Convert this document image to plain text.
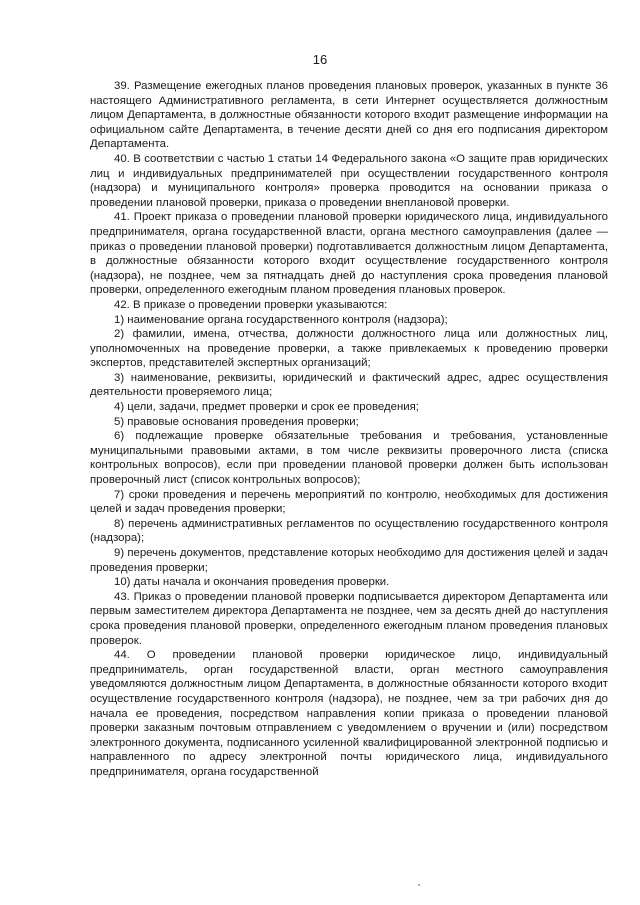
16

39. Размещение ежегодных планов проведения плановых проверок, указанных в пункте 36 настоящего Административного регламента, в сети Интернет осуществляется должностным лицом Департамента, в должностные обязанности которого входит размещение информации на официальном сайте Департамента, в течение десяти дней со дня его подписания директором Департамента.

40. В соответствии с частью 1 статьи 14 Федерального закона «О защите прав юридических лиц и индивидуальных предпринимателей при осуществлении государственного контроля (надзора) и муниципального контроля» проверка проводится на основании приказа о проведении плановой проверки, приказа о проведении внеплановой проверки.

41. Проект приказа о проведении плановой проверки юридического лица, индивидуального предпринимателя, органа государственной власти, органа местного самоуправления (далее — приказ о проведении плановой проверки) подготавливается должностным лицом Департамента, в должностные обязанности которого входит осуществление государственного контроля (надзора), не позднее, чем за пятнадцать дней до наступления срока проведения плановой проверки, определенного ежегодным планом проведения плановых проверок.

42. В приказе о проведении проверки указываются:

1) наименование органа государственного контроля (надзора);

2) фамилии, имена, отчества, должности должностного лица или должностных лиц, уполномоченных на проведение проверки, а также привлекаемых к проведению проверки экспертов, представителей экспертных организаций;

3) наименование, реквизиты, юридический и фактический адрес, адрес осуществления деятельности проверяемого лица;

4) цели, задачи, предмет проверки и срок ее проведения;

5) правовые основания проведения проверки;

6) подлежащие проверке обязательные требования и требования, установленные муниципальными правовыми актами, в том числе реквизиты проверочного листа (списка контрольных вопросов), если при проведении плановой проверки должен быть использован проверочный лист (список контрольных вопросов);

7) сроки проведения и перечень мероприятий по контролю, необходимых для достижения целей и задач проведения проверки;

8) перечень административных регламентов по осуществлению государственного контроля (надзора);

9) перечень документов, представление которых необходимо для достижения целей и задач проведения проверки;

10) даты начала и окончания проведения проверки.

43. Приказ о проведении плановой проверки подписывается директором Департамента или первым заместителем директора Департамента не позднее, чем за десять дней до наступления срока проведения плановой проверки, определенного ежегодным планом проведения плановых проверок.

44. О проведении плановой проверки юридическое лицо, индивидуальный предприниматель, орган государственной власти, орган местного самоуправления уведомляются должностным лицом Департамента, в должностные обязанности которого входит осуществление государственного контроля (надзора), не позднее, чем за три рабочих дня до начала ее проведения, посредством направления копии приказа о проведении плановой проверки заказным почтовым отправлением с уведомлением о вручении и (или) посредством электронного документа, подписанного усиленной квалифицированной электронной подписью и направленного по адресу электронной почты юридического лица, индивидуального предпринимателя, органа государственной
